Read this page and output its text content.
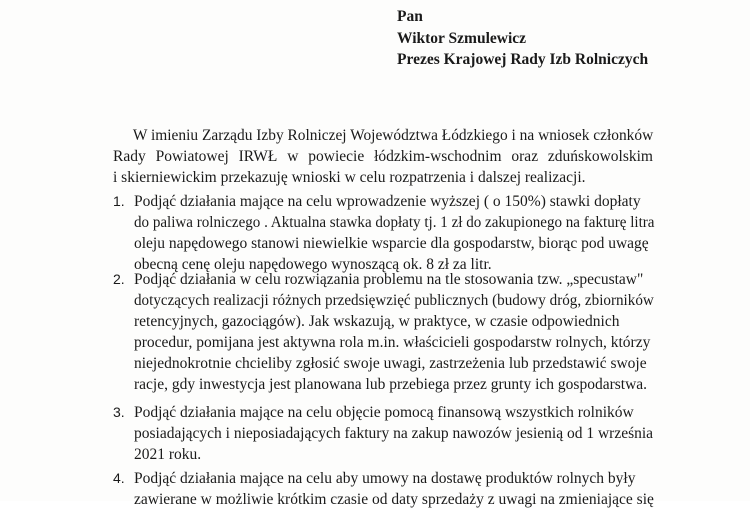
Pan
Wiktor Szmulewicz
Prezes Krajowej Rady Izb Rolniczych
W imieniu Zarządu Izby Rolniczej Województwa Łódzkiego i na wniosek członków
Rady Powiatowej IRWŁ w powiecie łódzkim-wschodnim oraz zduńskowolskim
i skierniewickim przekazuję wnioski w celu rozpatrzenia i dalszej realizacji.
1. Podjąć działania mające na celu wprowadzenie wyższej ( o 150%) stawki dopłaty
do paliwa rolniczego . Aktualna stawka dopłaty tj. 1 zł do zakupionego na fakturę litra
oleju napędowego stanowi niewielkie wsparcie dla gospodarstw, biorąc pod uwagę
obecną cenę oleju napędowego wynoszącą ok. 8 zł za litr.
2. Podjąć działania w celu rozwiązania problemu na tle stosowania tzw. „specustaw"
dotyczących realizacji różnych przedsięwzięć publicznych (budowy dróg, zbiorników
retencyjnych, gazociągów). Jak wskazują, w praktyce, w czasie odpowiednich
procedur, pomijana jest aktywna rola m.in. właścicieli gospodarstw rolnych, którzy
niejednokrotnie chcieliby zgłosić swoje uwagi, zastrzeżenia lub przedstawić swoje
racje, gdy inwestycja jest planowana lub przebiega przez grunty ich gospodarstwa.
3. Podjąć działania mające na celu objęcie pomocą finansową wszystkich rolników
posiadających i nieposiadających faktury na zakup nawozów jesienią od 1 września
2021 roku.
4. Podjąć działania mające na celu aby umowy na dostawę produktów rolnych były
zawierane w możliwie krótkim czasie od daty sprzedaży z uwagi na zmieniające się
